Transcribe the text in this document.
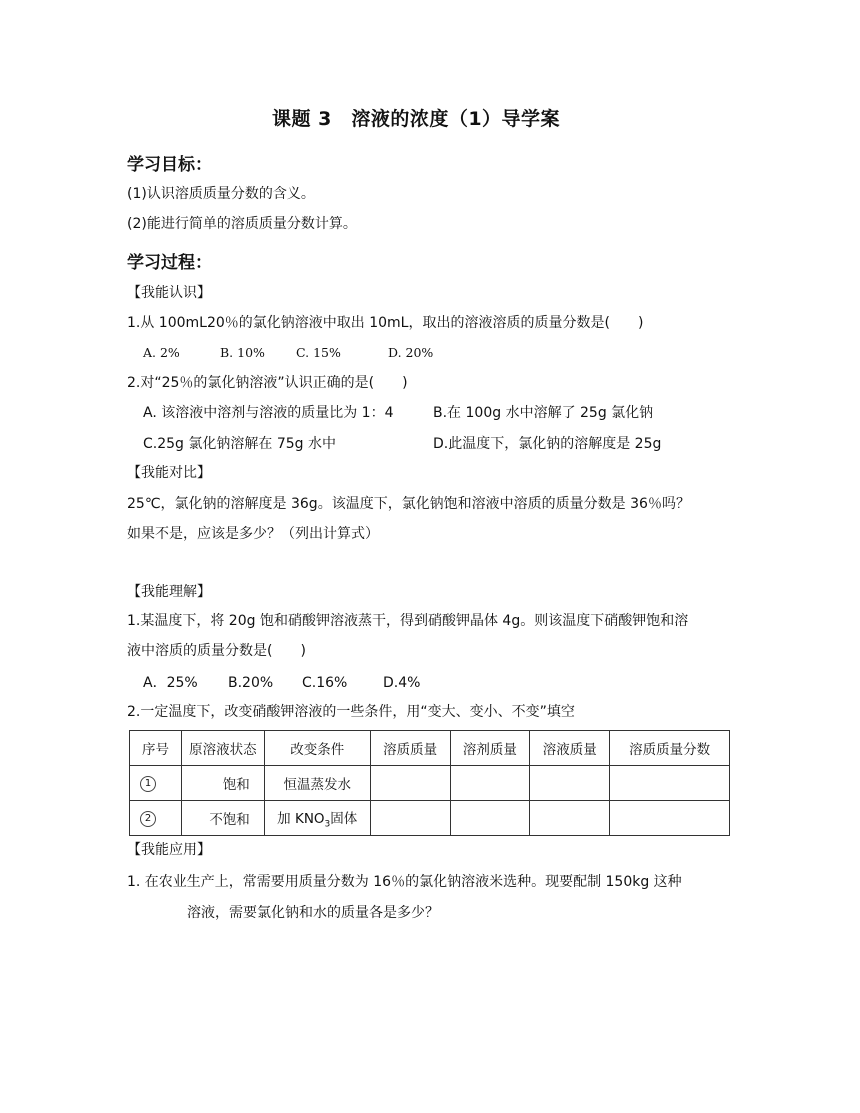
课题 3　溶液的浓度（1）导学案
学习目标：
(1)认识溶质质量分数的含义。
(2)能进行简单的溶质质量分数计算。
学习过程：
【我能认识】
1.从 100mL20％的氯化钠溶液中取出 10mL，取出的溶液溶质的质量分数是(　　)
A. 2%	B. 10% C. 15%	D. 20%
2.对“25％的氯化钠溶液”认识正确的是(　　)
A. 该溶液中溶剂与溶液的质量比为 1：4	B.在 100g 水中溶解了 25g 氯化钠
C.25g 氯化钠溶解在 75g 水中	D.此温度下，氯化钠的溶解度是 25g
【我能对比】
25℃，氯化钠的溶解度是 36g。该温度下，氯化钠饱和溶液中溶质的质量分数是 36％吗？
如果不是，应该是多少？（列出计算式）
【我能理解】
1.某温度下，将 20g 饱和硝酸钾溶液蒸干，得到硝酸钾晶体 4g。则该温度下硝酸钾饱和溶
液中溶质的质量分数是(　　)
A．25% B.20% C.16%	D.4%
2.一定温度下，改变硝酸钾溶液的一些条件，用“变大、变小、不变”填空
序号	原溶液状态	改变条件	溶质质量	溶剂质量	溶液质量	溶质质量分数
1	饱和	恒温蒸发水				
2	不饱和	加 $KNO_3$固体				
【我能应用】
1. 在农业生产上，常需要用质量分数为 16％的氯化钠溶液米选种。现要配制 150kg 这种
溶液，需要氯化钠和水的质量各是多少？
